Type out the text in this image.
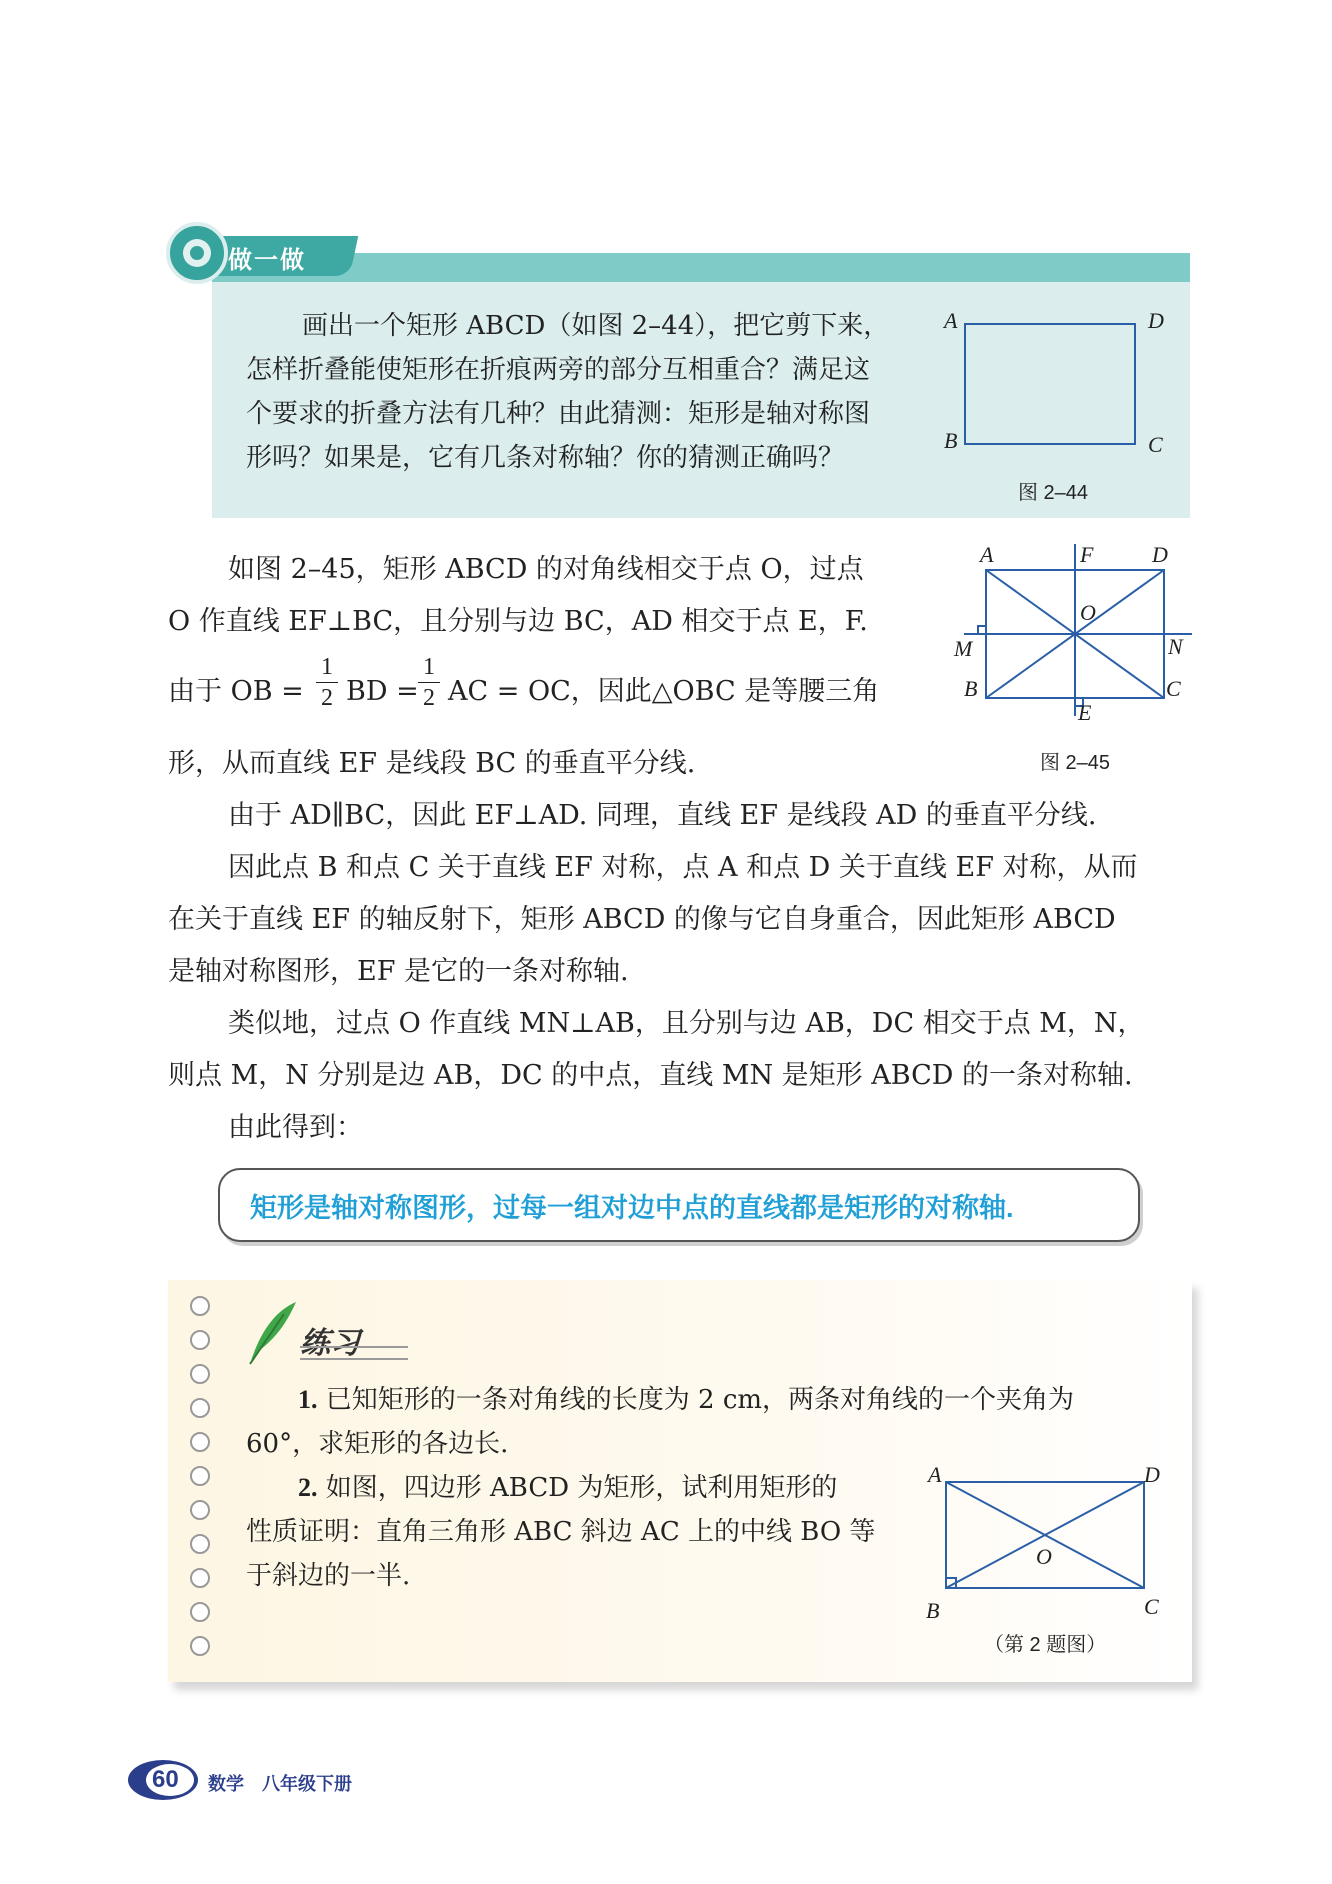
做一做
画出一个矩形 ABCD（如图 2–44），把它剪下来，
怎样折叠能使矩形在折痕两旁的部分互相重合？满足这
个要求的折叠方法有几种？由此猜测：矩形是轴对称图
形吗？如果是，它有几条对称轴？你的猜测正确吗？
A	D
B	C
图 2–44
如图 2–45，矩形 ABCD 的对角线相交于点 O，过点
O 作直线 EF⊥BC，且分别与边 BC，AD 相交于点 E，F.
由于 OB = $\frac{1}{2}$ BD = $\frac{1}{2}$ AC = OC，因此△OBC 是等腰三角
形，从而直线 EF 是线段 BC 的垂直平分线.
由于 AD∥BC，因此 EF⊥AD. 同理，直线 EF 是线段 AD 的垂直平分线.
因此点 B 和点 C 关于直线 EF 对称，点 A 和点 D 关于直线 EF 对称，从而
在关于直线 EF 的轴反射下，矩形 ABCD 的像与它自身重合，因此矩形 ABCD
是轴对称图形，EF 是它的一条对称轴.
类似地，过点 O 作直线 MN⊥AB，且分别与边 AB，DC 相交于点 M，N，
则点 M，N 分别是边 AB，DC 的中点，直线 MN 是矩形 ABCD 的一条对称轴.
由此得到：
A	F	D
O
M	N
B	C
E
图 2–45
矩形是轴对称图形，过每一组对边中点的直线都是矩形的对称轴.
练习
1. 已知矩形的一条对角线的长度为 2 cm，两条对角线的一个夹角为
60°，求矩形的各边长.
2. 如图，四边形 ABCD 为矩形，试利用矩形的
性质证明：直角三角形 ABC 斜边 AC 上的中线 BO 等
于斜边的一半.
A	D
O
B	C
（第 2 题图）
60 数学　八年级下册
